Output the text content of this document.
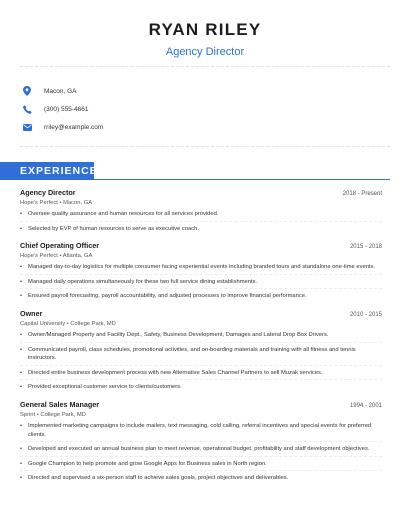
RYAN RILEY
Agency Director
Macon, GA
(300) 555-4661
rriley@example.com
EXPERIENCE
Agency Director	2018 - Present
Hope's Perfect • Macon, GA
• Oversee quality assurance and human resources for all services provided.
• Selected by EVP of human resources to serve as executive coach.
Chief Operating Officer	2015 - 2018
Hope's Perfect • Atlanta, GA
• Managed day-to-day logistics for multiple consumer facing experiential events including branded tours and standalone one-time events.
• Managed daily operations simultaneously for these two full service dining establishments.
• Ensured payroll forecasting, payroll accountability, and adjusted processes to improve financial performance.
Owner	2010 - 2015
Capital University • College Park, MD
• Owner/Managed Property and Facility Dept., Safety, Business Development, Damages and Lateral Drop Box Drivers.
• Communicated payroll, class schedules, promotional activities, and on-boarding materials and training with all fitness and tennis instructors.
• Directed entire business development process with new Alternative Sales Channel Partners to sell Muzak services.
• Provided exceptional customer service to clients/customers.
General Sales Manager	1994 - 2001
Sprint • College Park, MD
• Implemented marketing campaigns to include mailers, text messaging, cold calling, referral incentives and special events for preferred clients.
• Developed and executed an annual business plan to meet revenue, operational budget, profitability and staff development objectives.
• Google Champion to help promote and grow Google Apps for Business sales in North region.
• Directed and supervised a six-person staff to achieve sales goals, project objectives and deliverables.
